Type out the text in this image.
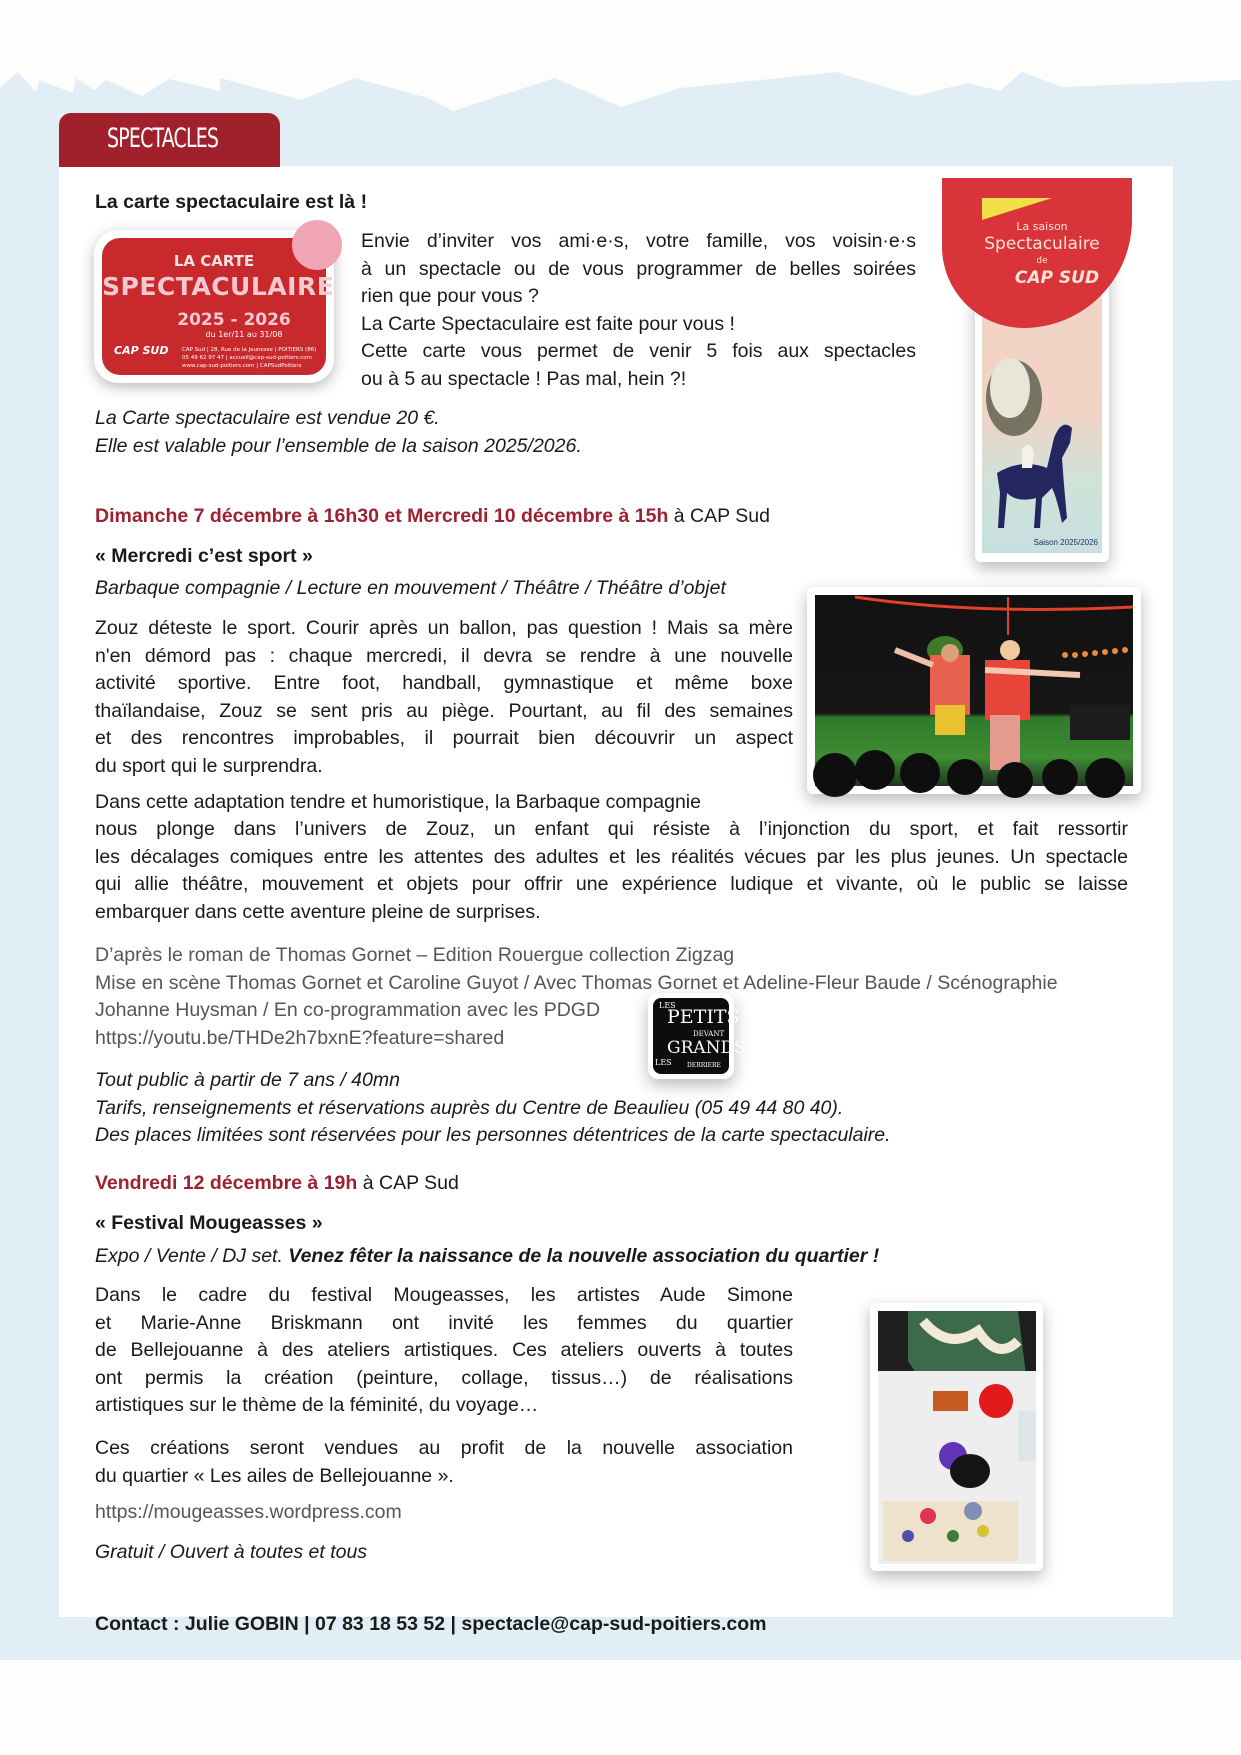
SPECTACLES
La carte spectaculaire est là !
LA CARTE
SPECTACULAIRE
2025 - 2026
du 1er/11 au 31/08
CAP SUD CAP Sud | 28, Rue de la Jeunesse | POITIERS (86)
05 49 62 97 47 | accueil@cap-sud-poitiers.com
www.cap-sud-poitiers.com | CAPSudPoitiers
Envie d’inviter vos ami·e·s, votre famille, vos voisin·e·s
à un spectacle ou de vous programmer de belles soirées
rien que pour vous ?
La Carte Spectaculaire est faite pour vous !
Cette carte vous permet de venir 5 fois aux spectacles
ou à 5 au spectacle ! Pas mal, hein ?!
La Carte spectaculaire est vendue 20 €.
Elle est valable pour l’ensemble de la saison 2025/2026.
La saison
Spectaculaire
de
CAP SUD
Saison 2025/2026
Dimanche 7 décembre à 16h30 et Mercredi 10 décembre à 15h à CAP Sud
« Mercredi c’est sport »
Barbaque compagnie / Lecture en mouvement / Théâtre / Théâtre d’objet
Zouz déteste le sport. Courir après un ballon, pas question ! Mais sa mère
n'en démord pas : chaque mercredi, il devra se rendre à une nouvelle
activité sportive. Entre foot, handball, gymnastique et même boxe
thaïlandaise, Zouz se sent pris au piège. Pourtant, au fil des semaines
et des rencontres improbables, il pourrait bien découvrir un aspect
du sport qui le surprendra.
Dans cette adaptation tendre et humoristique, la Barbaque compagnie
nous plonge dans l’univers de Zouz, un enfant qui résiste à l’injonction du sport, et fait ressortir
les décalages comiques entre les attentes des adultes et les réalités vécues par les plus jeunes. Un spectacle
qui allie théâtre, mouvement et objets pour offrir une expérience ludique et vivante, où le public se laisse
embarquer dans cette aventure pleine de surprises.
D’après le roman de Thomas Gornet – Edition Rouergue collection Zigzag
Mise en scène Thomas Gornet et Caroline Guyot / Avec Thomas Gornet et Adeline-Fleur Baude / Scénographie
Johanne Huysman / En co-programmation avec les PDGD
https://youtu.be/THDe2h7bxnE?feature=shared
LES
PETITS
DEVANT
GRANDS
LES	DERRIERE
Tout public à partir de 7 ans / 40mn
Tarifs, renseignements et réservations auprès du Centre de Beaulieu (05 49 44 80 40).
Des places limitées sont réservées pour les personnes détentrices de la carte spectaculaire.
Vendredi 12 décembre à 19h à CAP Sud
« Festival Mougeasses »
Expo / Vente / DJ set. Venez fêter la naissance de la nouvelle association du quartier !
Dans le cadre du festival Mougeasses, les artistes Aude Simone
et Marie-Anne Briskmann ont invité les femmes du quartier
de Bellejouanne à des ateliers artistiques. Ces ateliers ouverts à toutes
ont permis la création (peinture, collage, tissus…) de réalisations
artistiques sur le thème de la féminité, du voyage…
Ces créations seront vendues au profit de la nouvelle association
du quartier « Les ailes de Bellejouanne ».
https://mougeasses.wordpress.com
Gratuit / Ouvert à toutes et tous
Contact : Julie GOBIN | 07 83 18 53 52 | spectacle@cap-sud-poitiers.com
